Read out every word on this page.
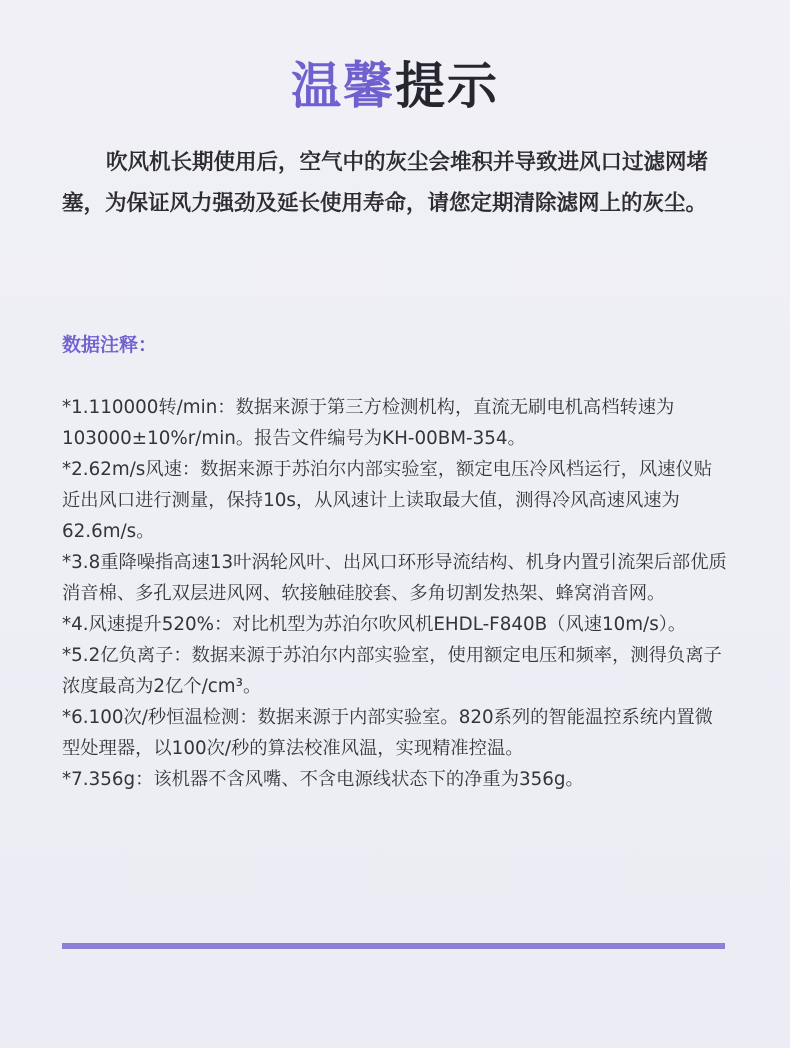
温馨提示

吹风机长期使用后，空气中的灰尘会堆积并导致进风口过滤网堵塞，为保证风力强劲及延长使用寿命，请您定期清除滤网上的灰尘。

数据注释：
*1.110000转/min：数据来源于第三方检测机构，直流无刷电机高档转速为103000±10%r/min。报告文件编号为KH-00BM-354。
*2.62m/s风速：数据来源于苏泊尔内部实验室，额定电压冷风档运行，风速仪贴近出风口进行测量，保持10s，从风速计上读取最大值，测得冷风高速风速为62.6m/s。
*3.8重降噪指高速13叶涡轮风叶、出风口环形导流结构、机身内置引流架后部优质消音棉、多孔双层进风网、软接触硅胶套、多角切割发热架、蜂窝消音网。
*4.风速提升520%：对比机型为苏泊尔吹风机EHDL-F840B（风速10m/s）。
*5.2亿负离子：数据来源于苏泊尔内部实验室，使用额定电压和频率，测得负离子浓度最高为2亿个/cm³。
*6.100次/秒恒温检测：数据来源于内部实验室。820系列的智能温控系统内置微型处理器，以100次/秒的算法校准风温，实现精准控温。
*7.356g：该机器不含风嘴、不含电源线状态下的净重为356g。
